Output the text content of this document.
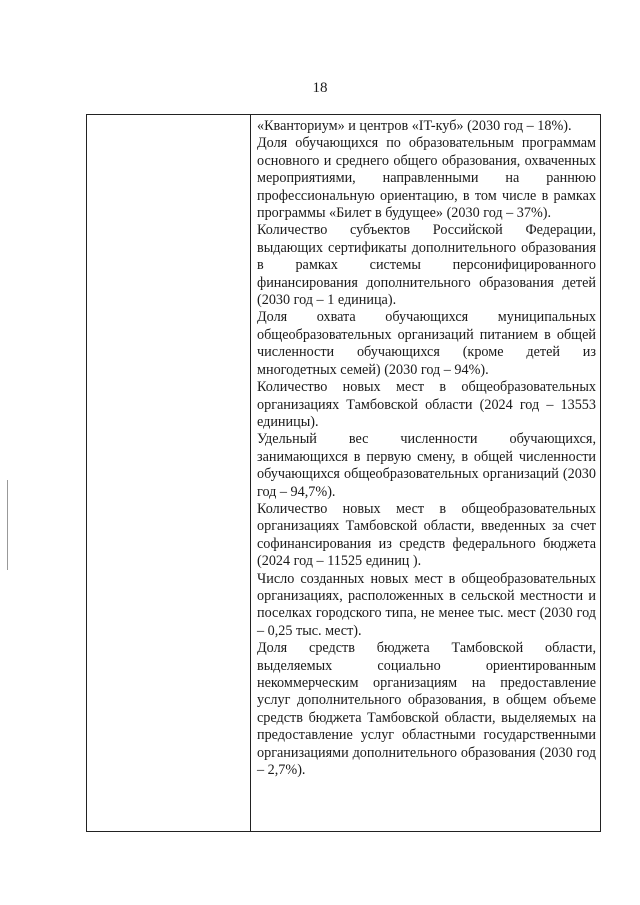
18

«Кванториум» и центров «IT-куб» (2030 год – 18%).

Доля обучающихся по образовательным программам основного и среднего общего образования, охваченных мероприятиями, направленными на раннюю профессиональную ориентацию, в том числе в рамках программы «Билет в будущее» (2030 год – 37%).

Количество субъектов Российской Федерации, выдающих сертификаты дополнительного образования в рамках системы персонифицированного финансирования дополнительного образования детей (2030 год – 1 единица).

Доля охвата обучающихся муниципальных общеобразовательных организаций питанием в общей численности обучающихся (кроме детей из многодетных семей) (2030 год – 94%).

Количество новых мест в общеобразовательных организациях Тамбовской области (2024 год – 13553 единицы).

Удельный вес численности обучающихся, занимающихся в первую смену, в общей численности обучающихся общеобразовательных организаций (2030 год – 94,7%).

Количество новых мест в общеобразовательных организациях Тамбовской области, введенных за счет софинансирования из средств федерального бюджета (2024 год – 11525 единиц ).

Число созданных новых мест в общеобразовательных организациях, расположенных в сельской местности и поселках городского типа, не менее тыс. мест (2030 год – 0,25 тыс. мест).

Доля средств бюджета Тамбовской области, выделяемых социально ориентированным некоммерческим организациям на предоставление услуг дополнительного образования, в общем объеме средств бюджета Тамбовской области, выделяемых на предоставление услуг областными государственными организациями дополнительного образования (2030 год – 2,7%).
